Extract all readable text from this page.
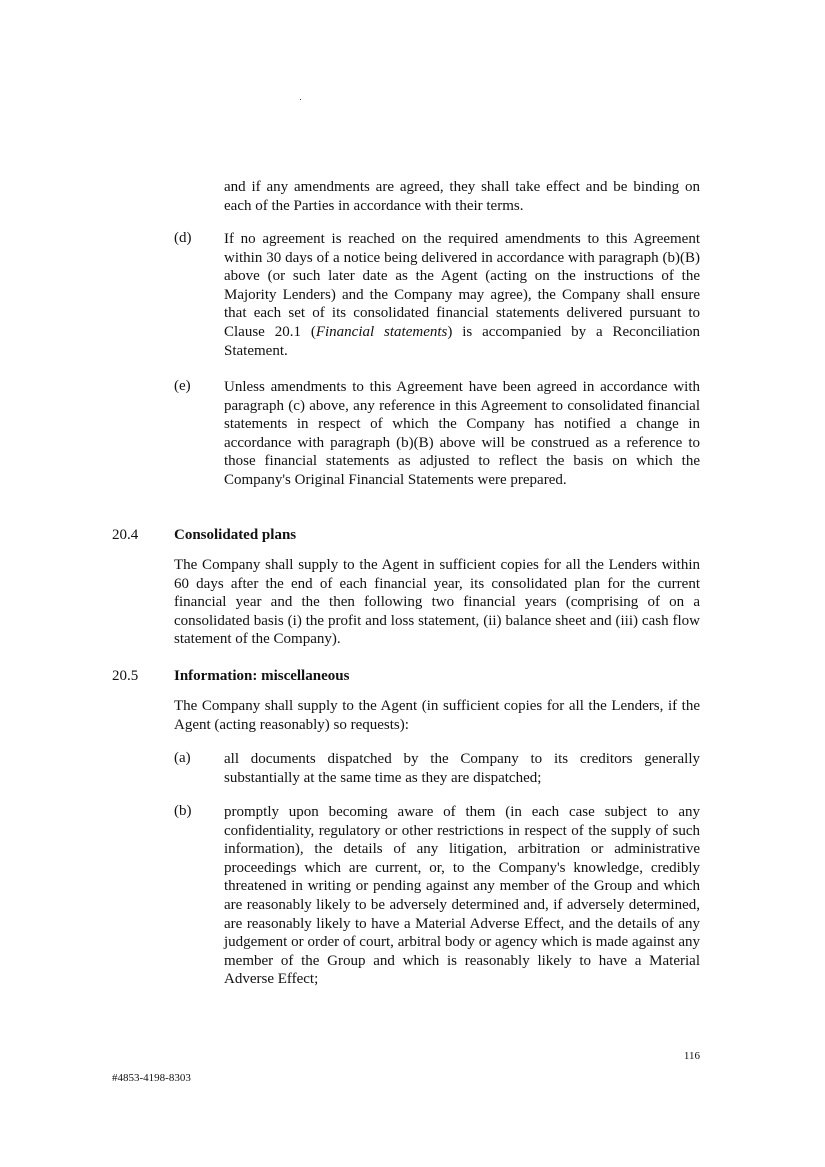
and if any amendments are agreed, they shall take effect and be binding on each of the Parties in accordance with their terms.

(d) If no agreement is reached on the required amendments to this Agreement within 30 days of a notice being delivered in accordance with paragraph (b)(B) above (or such later date as the Agent (acting on the instructions of the Majority Lenders) and the Company may agree), the Company shall ensure that each set of its consolidated financial statements delivered pursuant to Clause 20.1 (Financial statements) is accompanied by a Reconciliation Statement.

(e) Unless amendments to this Agreement have been agreed in accordance with paragraph (c) above, any reference in this Agreement to consolidated financial statements in respect of which the Company has notified a change in accordance with paragraph (b)(B) above will be construed as a reference to those financial statements as adjusted to reflect the basis on which the Company's Original Financial Statements were prepared.

20.4 Consolidated plans

The Company shall supply to the Agent in sufficient copies for all the Lenders within 60 days after the end of each financial year, its consolidated plan for the current financial year and the then following two financial years (comprising of on a consolidated basis (i) the profit and loss statement, (ii) balance sheet and (iii) cash flow statement of the Company).

20.5 Information: miscellaneous

The Company shall supply to the Agent (in sufficient copies for all the Lenders, if the Agent (acting reasonably) so requests):

(a) all documents dispatched by the Company to its creditors generally substantially at the same time as they are dispatched;

(b) promptly upon becoming aware of them (in each case subject to any confidentiality, regulatory or other restrictions in respect of the supply of such information), the details of any litigation, arbitration or administrative proceedings which are current, or, to the Company's knowledge, credibly threatened in writing or pending against any member of the Group and which are reasonably likely to be adversely determined and, if adversely determined, are reasonably likely to have a Material Adverse Effect, and the details of any judgement or order of court, arbitral body or agency which is made against any member of the Group and which is reasonably likely to have a Material Adverse Effect;

116
#4853-4198-8303
